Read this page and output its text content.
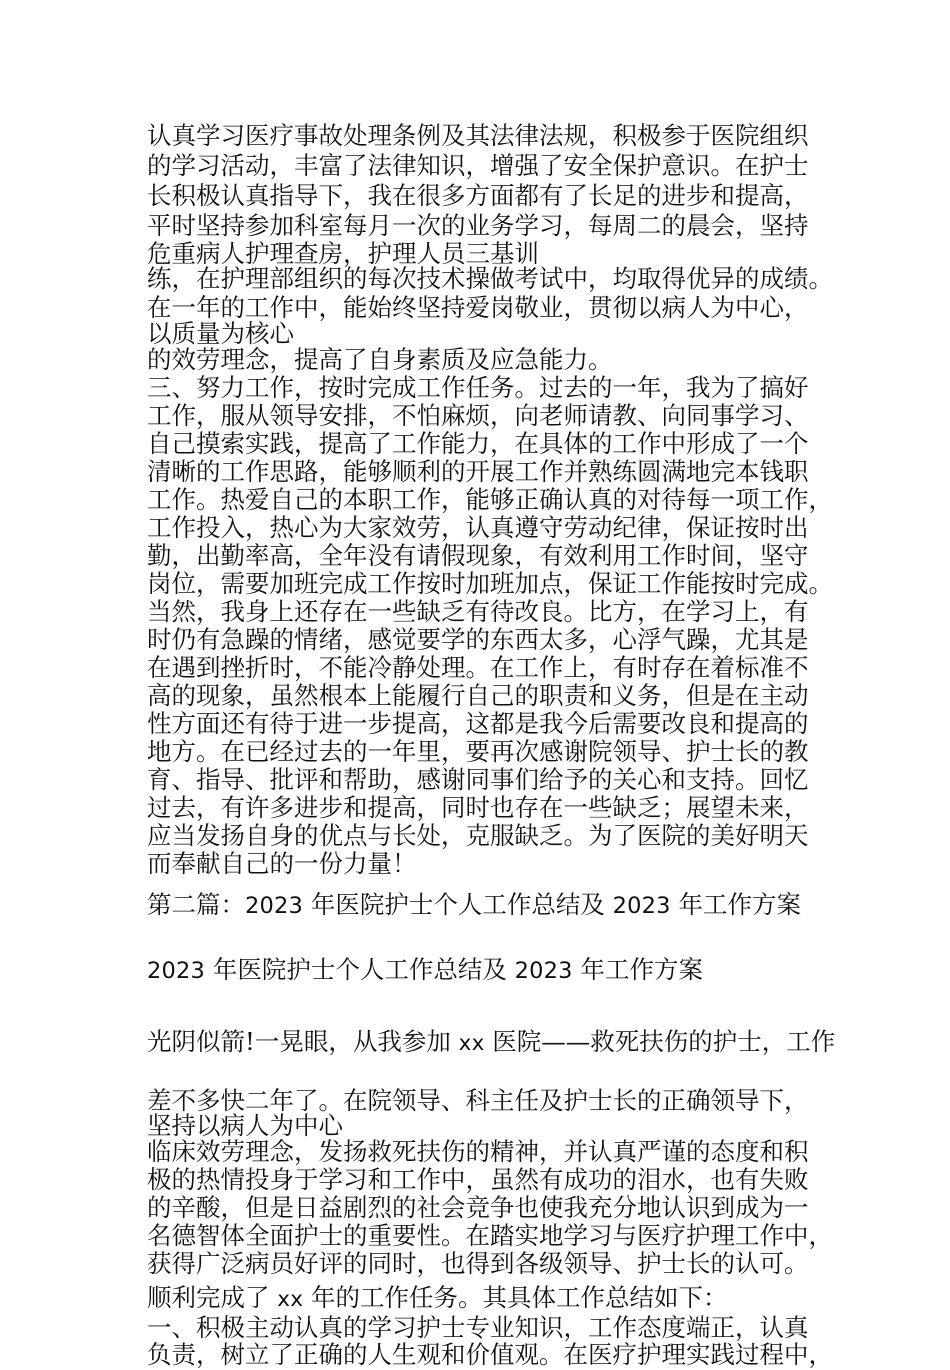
认真学习医疗事故处理条例及其法律法规，积极参于医院组织

的学习活动，丰富了法律知识，增强了安全保护意识。在护士

长积极认真指导下，我在很多方面都有了长足的进步和提高，

平时坚持参加科室每月一次的业务学习，每周二的晨会，坚持

危重病人护理查房，护理人员三基训

练，在护理部组织的每次技术操做考试中，均取得优异的成绩。

在一年的工作中，能始终坚持爱岗敬业，贯彻以病人为中心，

以质量为核心

的效劳理念，提高了自身素质及应急能力。

三、努力工作，按时完成工作任务。过去的一年，我为了搞好

工作，服从领导安排，不怕麻烦，向老师请教、向同事学习、

自己摸索实践，提高了工作能力，在具体的工作中形成了一个

清晰的工作思路，能够顺利的开展工作并熟练圆满地完本钱职

工作。热爱自己的本职工作，能够正确认真的对待每一项工作，

工作投入，热心为大家效劳，认真遵守劳动纪律，保证按时出

勤，出勤率高，全年没有请假现象，有效利用工作时间，坚守

岗位，需要加班完成工作按时加班加点，保证工作能按时完成。

当然，我身上还存在一些缺乏有待改良。比方，在学习上，有

时仍有急躁的情绪，感觉要学的东西太多，心浮气躁，尤其是

在遇到挫折时，不能冷静处理。在工作上，有时存在着标准不

高的现象，虽然根本上能履行自己的职责和义务，但是在主动

性方面还有待于进一步提高，这都是我今后需要改良和提高的

地方。在已经过去的一年里，要再次感谢院领导、护士长的教

育、指导、批评和帮助，感谢同事们给予的关心和支持。回忆

过去，有许多进步和提高，同时也存在一些缺乏；展望未来，

应当发扬自身的优点与长处，克服缺乏。为了医院的美好明天

而奉献自己的一份力量！

第二篇：2023 年医院护士个人工作总结及 2023 年工作方案

2023 年医院护士个人工作总结及 2023 年工作方案

光阴似箭!一晃眼，从我参加 xx 医院——救死扶伤的护士，工作

差不多快二年了。在院领导、科主任及护士长的正确领导下，

坚持以病人为中心

临床效劳理念，发扬救死扶伤的精神，并认真严谨的态度和积

极的热情投身于学习和工作中，虽然有成功的泪水，也有失败

的辛酸，但是日益剧烈的社会竞争也使我充分地认识到成为一

名德智体全面护士的重要性。在踏实地学习与医疗护理工作中，

获得广泛病员好评的同时，也得到各级领导、护士长的认可。

顺利完成了 xx 年的工作任务。其具体工作总结如下：

一、积极主动认真的学习护士专业知识，工作态度端正，认真

负责，树立了正确的人生观和价值观。在医疗护理实践过程中，
